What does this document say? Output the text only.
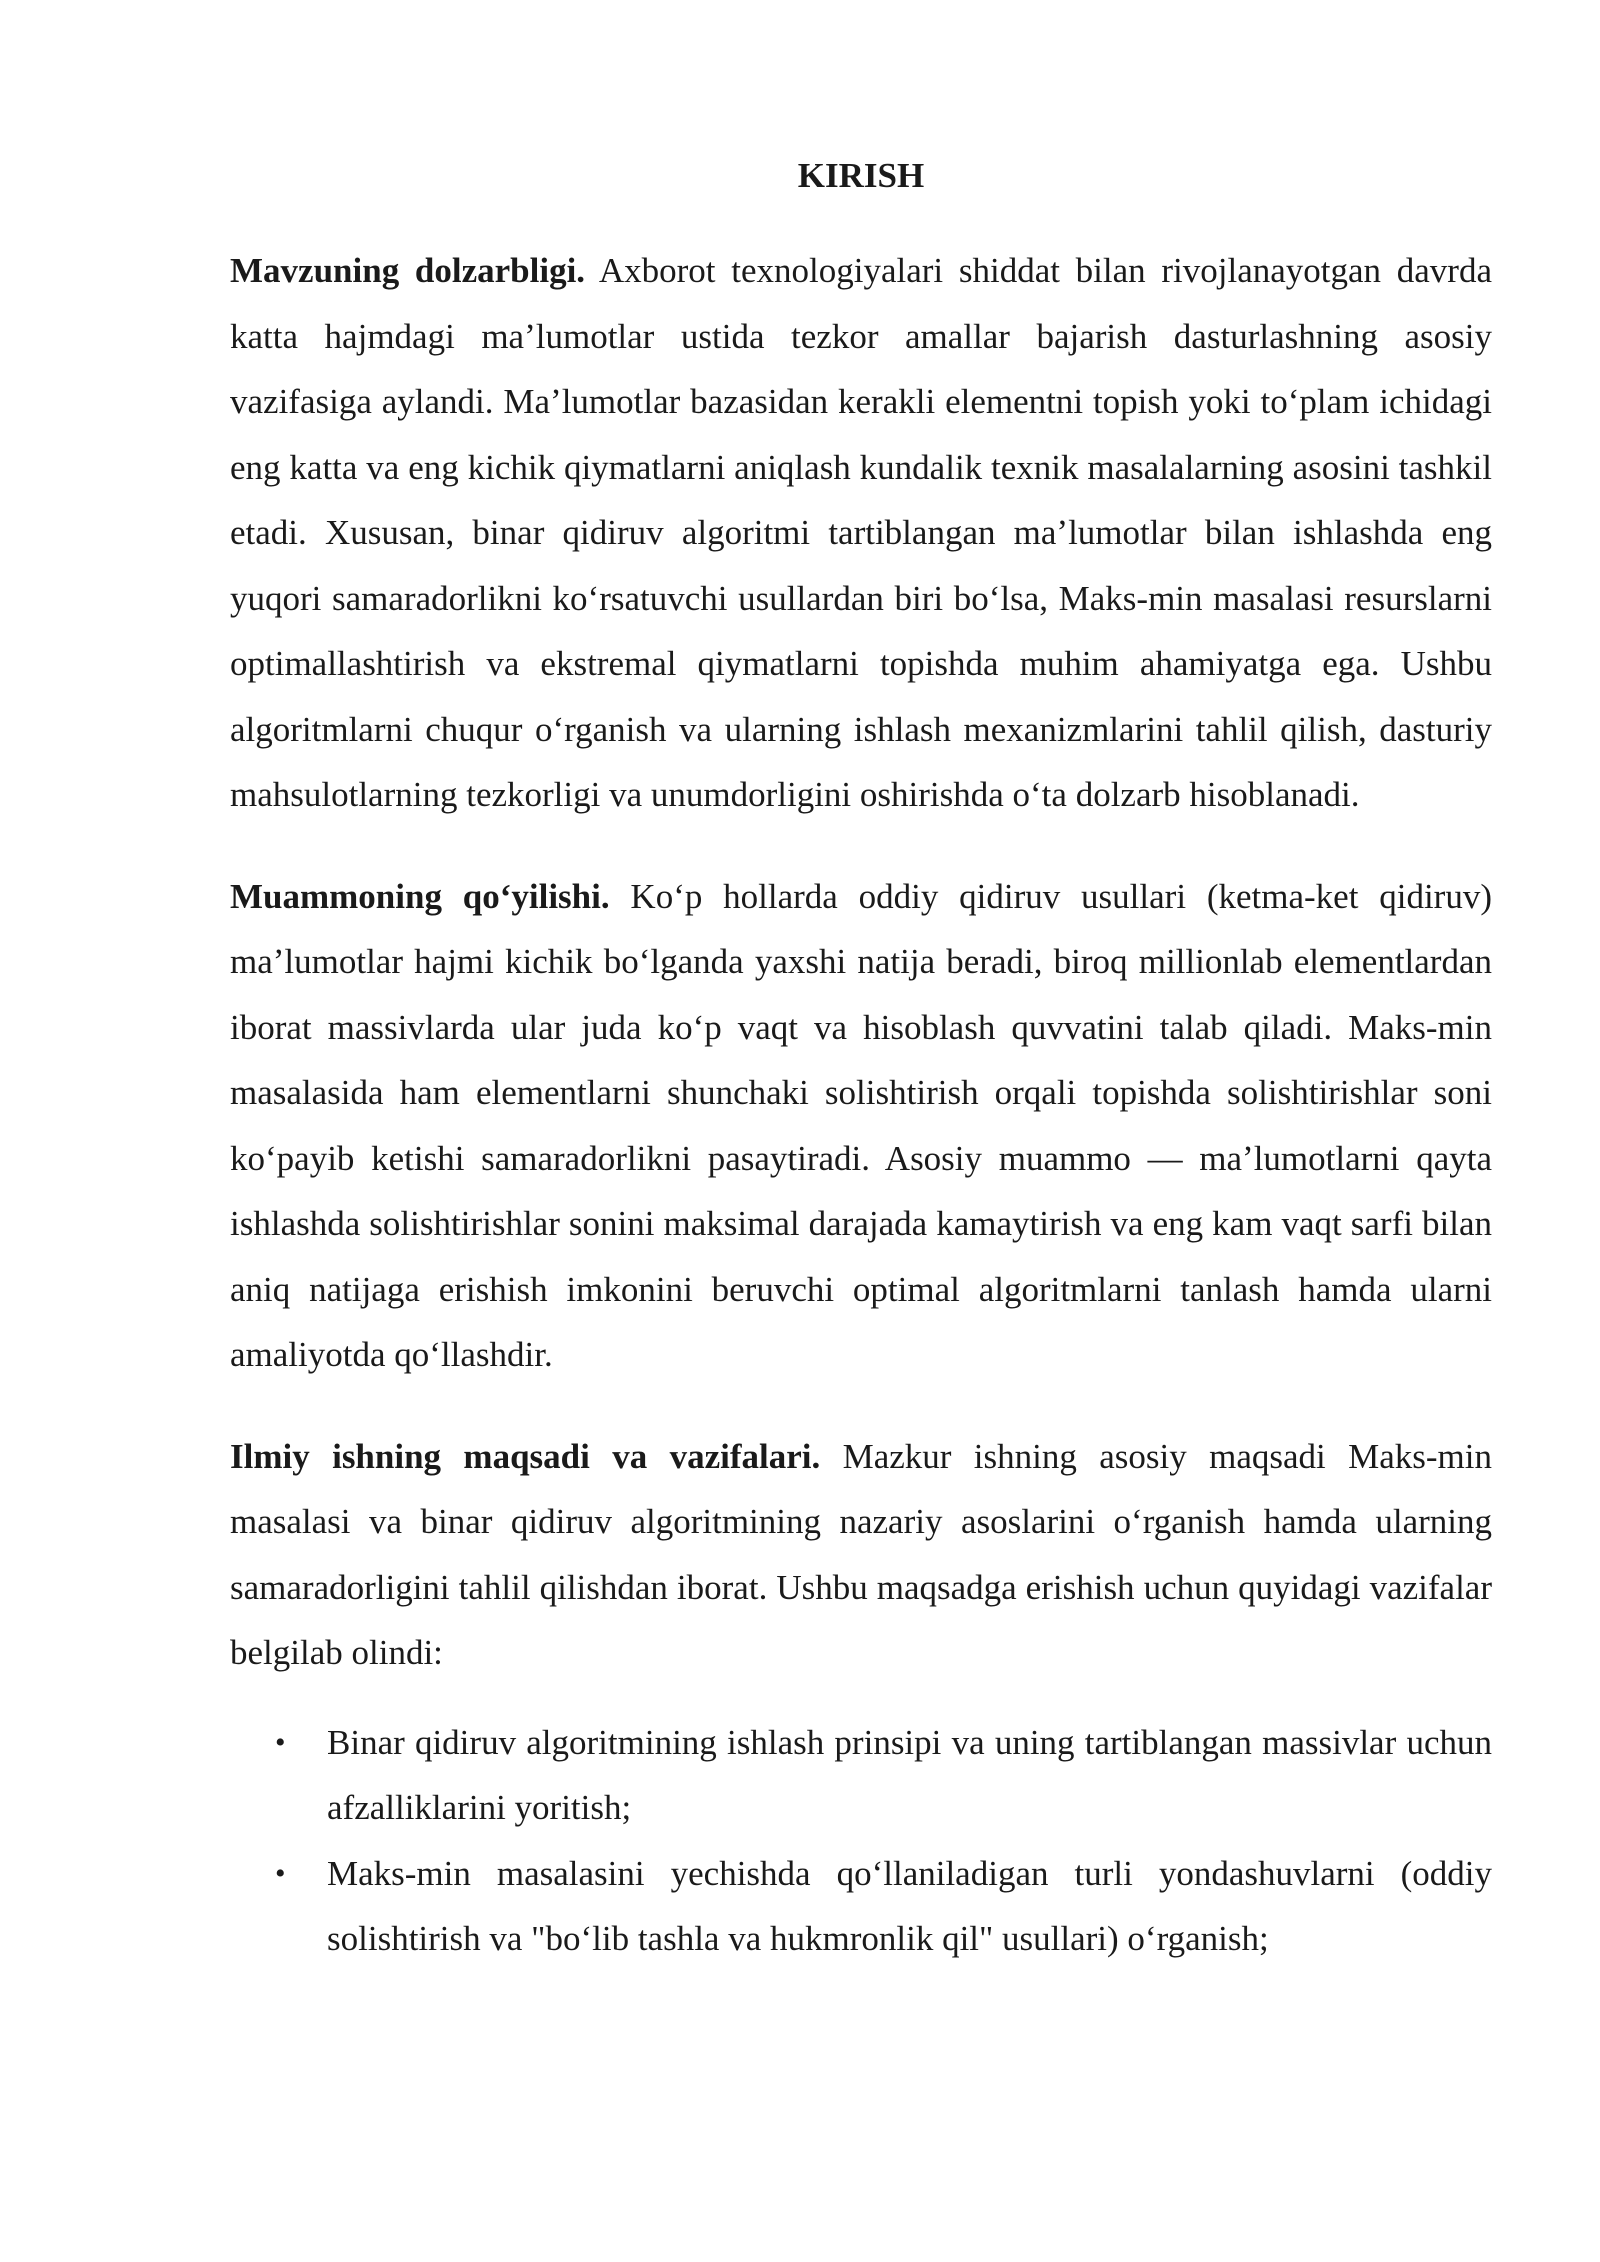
KIRISH

Mavzuning dolzarbligi. Axborot texnologiyalari shiddat bilan rivojlanayotgan davrda katta hajmdagi maʼlumotlar ustida tezkor amallar bajarish dasturlashning asosiy vazifasiga aylandi. Maʼlumotlar bazasidan kerakli elementni topish yoki toʻplam ichidagi eng katta va eng kichik qiymatlarni aniqlash kundalik texnik masalalarning asosini tashkil etadi. Xususan, binar qidiruv algoritmi tartiblangan maʼlumotlar bilan ishlashda eng yuqori samaradorlikni koʻrsatuvchi usullardan biri boʻlsa, Maks-min masalasi resurslarni optimallashtirish va ekstremal qiymatlarni topishda muhim ahamiyatga ega. Ushbu algoritmlarni chuqur oʻrganish va ularning ishlash mexanizmlarini tahlil qilish, dasturiy mahsulotlarning tezkorligi va unumdorligini oshirishda oʻta dolzarb hisoblanadi.

Muammoning qoʻyilishi. Koʻp hollarda oddiy qidiruv usullari (ketma-ket qidiruv) maʼlumotlar hajmi kichik boʻlganda yaxshi natija beradi, biroq millionlab elementlardan iborat massivlarda ular juda koʻp vaqt va hisoblash quvvatini talab qiladi. Maks-min masalasida ham elementlarni shunchaki solishtirish orqali topishda solishtirishlar soni koʻpayib ketishi samaradorlikni pasaytiradi. Asosiy muammo — maʼlumotlarni qayta ishlashda solishtirishlar sonini maksimal darajada kamaytirish va eng kam vaqt sarfi bilan aniq natijaga erishish imkonini beruvchi optimal algoritmlarni tanlash hamda ularni amaliyotda qoʻllashdir.

Ilmiy ishning maqsadi va vazifalari. Mazkur ishning asosiy maqsadi Maks-min masalasi va binar qidiruv algoritmining nazariy asoslarini oʻrganish hamda ularning samaradorligini tahlil qilishdan iborat. Ushbu maqsadga erishish uchun quyidagi vazifalar belgilab olindi:

• Binar qidiruv algoritmining ishlash prinsipi va uning tartiblangan massivlar uchun afzalliklarini yoritish;
• Maks-min masalasini yechishda qoʻllaniladigan turli yondashuvlarni (oddiy solishtirish va "boʻlib tashla va hukmronlik qil" usullari) oʻrganish;
